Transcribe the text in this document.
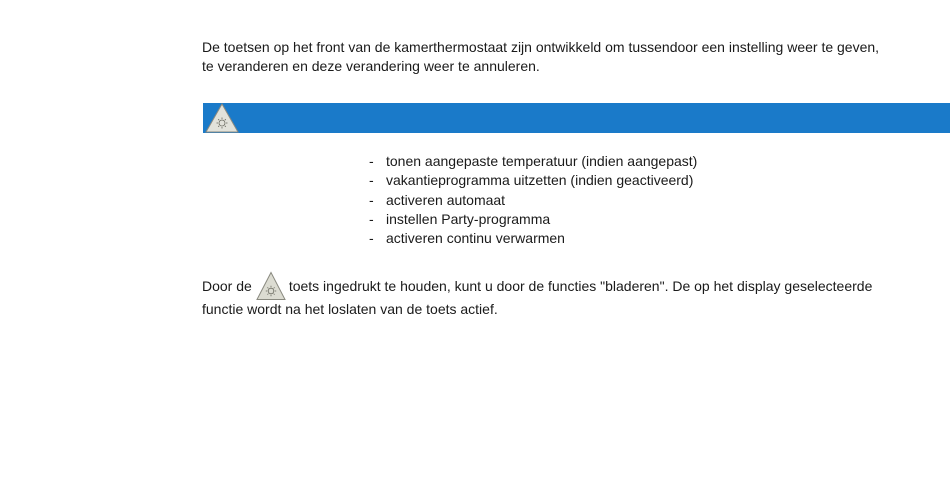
De toetsen op het front van de kamerthermostaat zijn ontwikkeld om tussendoor een instelling weer te geven,
te veranderen en deze verandering weer te annuleren.
- tonen aangepaste temperatuur (indien aangepast)
- vakantieprogramma uitzetten (indien geactiveerd)
- activeren automaat
- instellen Party-programma
- activeren continu verwarmen
Door de	toets ingedrukt te houden, kunt u door de functies "bladeren". De op het display geselecteerde
functie wordt na het loslaten van de toets actief.
